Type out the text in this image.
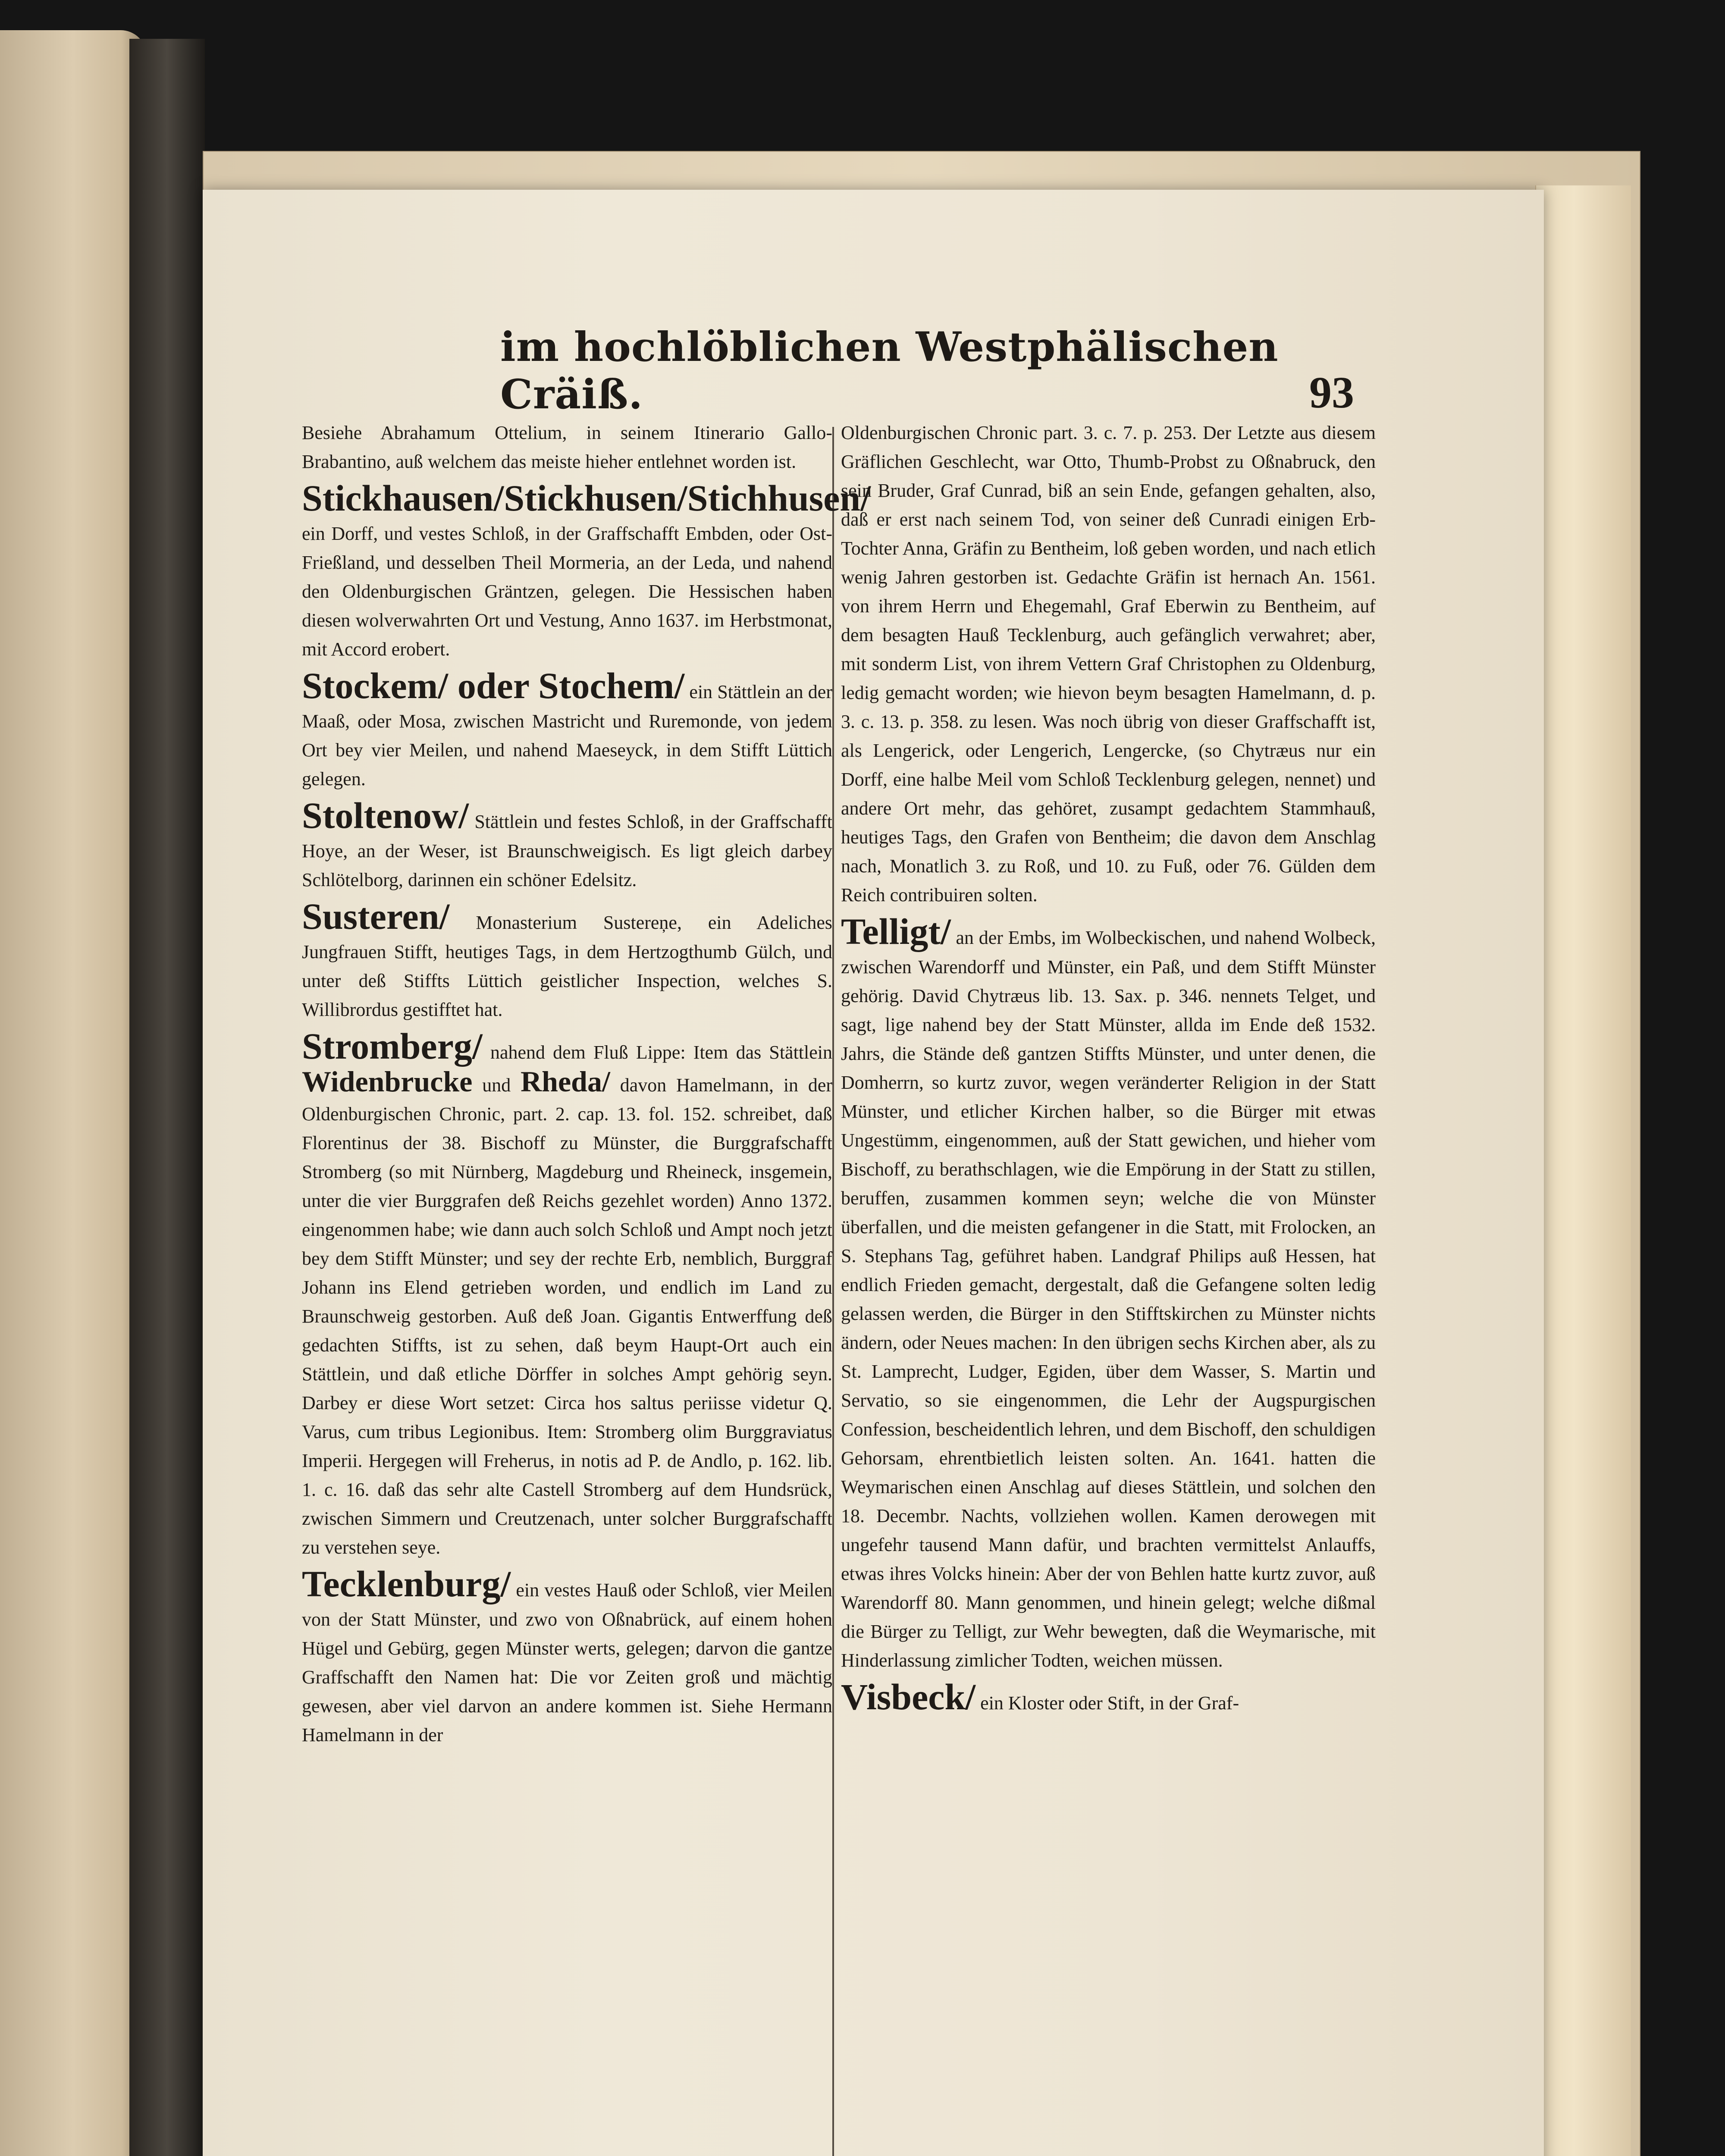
im hochlöblichen Westphälischen Cräiß.	93

Besiehe Abrahamum Ottelium, in seinem Itinerario Gallo-Brabantino, auß welchem das meiste hieher entlehnet worden ist.

Stickhausen/Stickhusen/Stichhusen/ ein Dorff, und vestes Schloß, in der Graffschafft Embden, oder Ost-Frießland, und desselben Theil Mormeria, an der Leda, und nahend den Oldenburgischen Gräntzen, gelegen. Die Hessischen haben diesen wolverwahrten Ort und Vestung, Anno 1637. im Herbstmonat, mit Accord erobert.

Stockem/ oder Stochem/ ein Stättlein an der Maaß, oder Mosa, zwischen Mastricht und Ruremonde, von jedem Ort bey vier Meilen, und nahend Maeseyck, in dem Stifft Lüttich gelegen.

Stoltenow/ Stättlein und festes Schloß, in der Graffschafft Hoye, an der Weser, ist Braunschweigisch. Es ligt gleich darbey Schlötelborg, darinnen ein schöner Edelsitz.

Susteren/ Monasterium Sustereņe, ein Adeliches Jungfrauen Stifft, heutiges Tags, in dem Hertzogthumb Gülch, und unter deß Stiffts Lüttich geistlicher Inspection, welches S. Willibrordus gestifftet hat.

Stromberg/ nahend dem Fluß Lippe: Item das Stättlein Widenbrucke und Rheda/ davon Hamelmann, in der Oldenburgischen Chronic, part. 2. cap. 13. fol. 152. schreibet, daß Florentinus der 38. Bischoff zu Münster, die Burggrafschafft Stromberg (so mit Nürnberg, Magdeburg und Rheineck, insgemein, unter die vier Burggrafen deß Reichs gezehlet worden) Anno 1372. eingenommen habe; wie dann auch solch Schloß und Ampt noch jetzt bey dem Stifft Münster; und sey der rechte Erb, nemblich, Burggraf Johann ins Elend getrieben worden, und endlich im Land zu Braunschweig gestorben. Auß deß Joan. Gigantis Entwerffung deß gedachten Stiffts, ist zu sehen, daß beym Haupt-Ort auch ein Stättlein, und daß etliche Dörffer in solches Ampt gehörig seyn. Darbey er diese Wort setzet: Circa hos saltus periisse videtur Q. Varus, cum tribus Legionibus. Item: Stromberg olim Burggraviatus Imperii. Hergegen will Freherus, in notis ad P. de Andlo, p. 162. lib. 1. c. 16. daß das sehr alte Castell Stromberg auf dem Hundsrück, zwischen Simmern und Creutzenach, unter solcher Burggrafschafft zu verstehen seye.

Tecklenburg/ ein vestes Hauß oder Schloß, vier Meilen von der Statt Münster, und zwo von Oßnabrück, auf einem hohen Hügel und Gebürg, gegen Münster werts, gelegen; darvon die gantze Graffschafft den Namen hat: Die vor Zeiten groß und mächtig gewesen, aber viel darvon an andere kommen ist. Siehe Hermann Hamelmann in der

Oldenburgischen Chronic part. 3. c. 7. p. 253. Der Letzte aus diesem Gräflichen Geschlecht, war Otto, Thumb-Probst zu Oßnabruck, den sein Bruder, Graf Cunrad, biß an sein Ende, gefangen gehalten, also, daß er erst nach seinem Tod, von seiner deß Cunradi einigen Erb-Tochter Anna, Gräfin zu Bentheim, loß geben worden, und nach etlich wenig Jahren gestorben ist. Gedachte Gräfin ist hernach An. 1561. von ihrem Herrn und Ehegemahl, Graf Eberwin zu Bentheim, auf dem besagten Hauß Tecklenburg, auch gefänglich verwahret; aber, mit sonderm List, von ihrem Vettern Graf Christophen zu Oldenburg, ledig gemacht worden; wie hievon beym besagten Hamelmann, d. p. 3. c. 13. p. 358. zu lesen. Was noch übrig von dieser Graffschafft ist, als Lengerick, oder Lengerich, Lengercke, (so Chytræus nur ein Dorff, eine halbe Meil vom Schloß Tecklenburg gelegen, nennet) und andere Ort mehr, das gehöret, zusampt gedachtem Stammhauß, heutiges Tags, den Grafen von Bentheim; die davon dem Anschlag nach, Monatlich 3. zu Roß, und 10. zu Fuß, oder 76. Gülden dem Reich contribuiren solten.

Telligt/ an der Embs, im Wolbeckischen, und nahend Wolbeck, zwischen Warendorff und Münster, ein Paß, und dem Stifft Münster gehörig. David Chytræus lib. 13. Sax. p. 346. nennets Telget, und sagt, lige nahend bey der Statt Münster, allda im Ende deß 1532. Jahrs, die Stände deß gantzen Stiffts Münster, und unter denen, die Domherrn, so kurtz zuvor, wegen veränderter Religion in der Statt Münster, und etlicher Kirchen halber, so die Bürger mit etwas Ungestümm, eingenommen, auß der Statt gewichen, und hieher vom Bischoff, zu berathschlagen, wie die Empörung in der Statt zu stillen, beruffen, zusammen kommen seyn; welche die von Münster überfallen, und die meisten gefangener in die Statt, mit Frolocken, an S. Stephans Tag, geführet haben. Landgraf Philips auß Hessen, hat endlich Frieden gemacht, dergestalt, daß die Gefangene solten ledig gelassen werden, die Bürger in den Stifftskirchen zu Münster nichts ändern, oder Neues machen: In den übrigen sechs Kirchen aber, als zu St. Lamprecht, Ludger, Egiden, über dem Wasser, S. Martin und Servatio, so sie eingenommen, die Lehr der Augspurgischen Confession, bescheidentlich lehren, und dem Bischoff, den schuldigen Gehorsam, ehrentbietlich leisten solten. An. 1641. hatten die Weymarischen einen Anschlag auf dieses Stättlein, und solchen den 18. Decembr. Nachts, vollziehen wollen. Kamen derowegen mit ungefehr tausend Mann dafür, und brachten vermittelst Anlauffs, etwas ihres Volcks hinein: Aber der von Behlen hatte kurtz zuvor, auß Warendorff 80. Mann genommen, und hinein gelegt; welche dißmal die Bürger zu Telligt, zur Wehr bewegten, daß die Weymarische, mit Hinderlassung zimlicher Todten, weichen müssen.

Visbeck/ ein Kloster oder Stift, in der Graf-
